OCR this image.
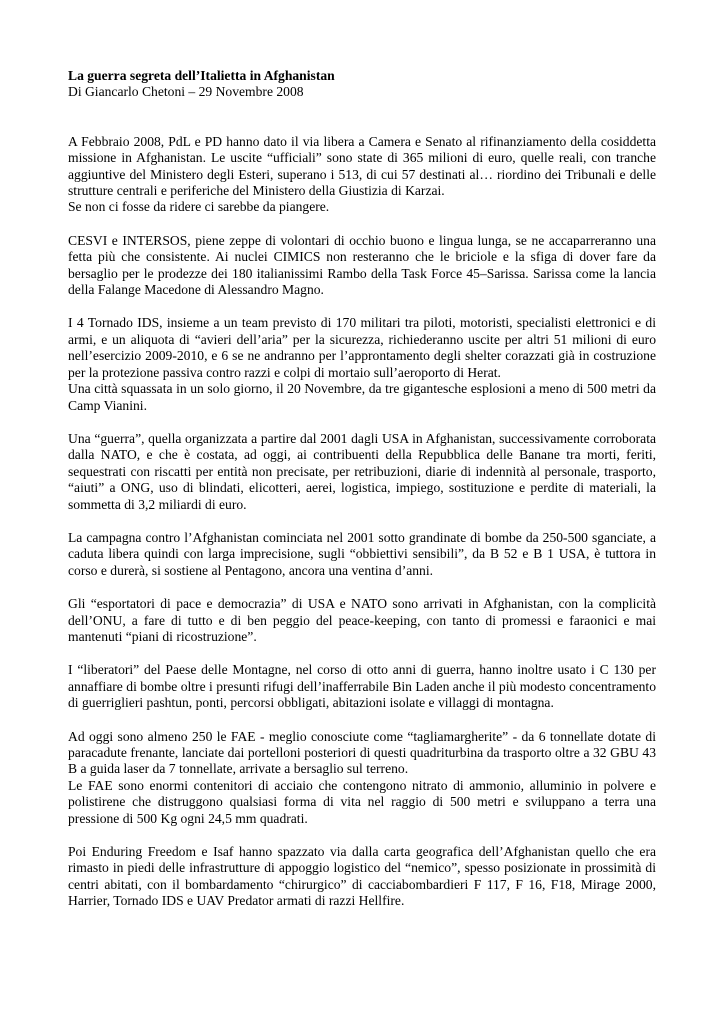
La guerra segreta dell’Italietta in Afghanistan

Di Giancarlo Chetoni – 29 Novembre 2008

A Febbraio 2008, PdL e PD hanno dato il via libera a Camera e Senato al rifinanziamento della cosiddetta missione in Afghanistan. Le uscite “ufficiali” sono state di 365 milioni di euro, quelle reali, con tranche aggiuntive del Ministero degli Esteri, superano i 513, di cui 57 destinati al… riordino dei Tribunali e delle strutture centrali e periferiche del Ministero della Giustizia di Karzai.

Se non ci fosse da ridere ci sarebbe da piangere.

CESVI e INTERSOS, piene zeppe di volontari di occhio buono e lingua lunga, se ne accaparreranno una fetta più che consistente. Ai nuclei CIMICS non resteranno che le briciole e la sfiga di dover fare da bersaglio per le prodezze dei 180 italianissimi Rambo della Task Force 45–Sarissa. Sarissa come la lancia della Falange Macedone di Alessandro Magno.

I 4 Tornado IDS, insieme a un team previsto di 170 militari tra piloti, motoristi, specialisti elettronici e di armi, e un aliquota di “avieri dell’aria” per la sicurezza, richiederanno uscite per altri 51 milioni di euro nell’esercizio 2009-2010, e 6 se ne andranno per l’approntamento degli shelter corazzati già in costruzione per la protezione passiva contro razzi e colpi di mortaio sull’aeroporto di Herat.

Una città squassata in un solo giorno, il 20 Novembre, da tre gigantesche esplosioni a meno di 500 metri da Camp Vianini.

Una “guerra”, quella organizzata a partire dal 2001 dagli USA in Afghanistan, successivamente corroborata dalla NATO, e che è costata, ad oggi, ai contribuenti della Repubblica delle Banane tra morti, feriti, sequestrati con riscatti per entità non precisate, per retribuzioni, diarie di indennità al personale, trasporto, “aiuti” a ONG, uso di blindati, elicotteri, aerei, logistica, impiego, sostituzione e perdite di materiali, la sommetta di 3,2 miliardi di euro.

La campagna contro l’Afghanistan cominciata nel 2001 sotto grandinate di bombe da 250-500 sganciate, a caduta libera quindi con larga imprecisione, sugli “obbiettivi sensibili”, da B 52 e B 1 USA, è tuttora in corso e durerà, si sostiene al Pentagono, ancora una ventina d’anni.

Gli “esportatori di pace e democrazia” di USA e NATO sono arrivati in Afghanistan, con la complicità dell’ONU, a fare di tutto e di ben peggio del peace-keeping, con tanto di promessi e faraonici e mai mantenuti “piani di ricostruzione”.

I “liberatori” del Paese delle Montagne, nel corso di otto anni di guerra, hanno inoltre usato i C 130 per annaffiare di bombe oltre i presunti rifugi dell’inafferrabile Bin Laden anche il più modesto concentramento di guerriglieri pashtun, ponti, percorsi obbligati, abitazioni isolate e villaggi di montagna.

Ad oggi sono almeno 250 le FAE - meglio conosciute come “tagliamargherite” - da 6 tonnellate dotate di paracadute frenante, lanciate dai portelloni posteriori di questi quadriturbina da trasporto oltre a 32 GBU 43 B a guida laser da 7 tonnellate, arrivate a bersaglio sul terreno.

Le FAE sono enormi contenitori di acciaio che contengono nitrato di ammonio, alluminio in polvere e polistirene che distruggono qualsiasi forma di vita nel raggio di 500 metri e sviluppano a terra una pressione di 500 Kg ogni 24,5 mm quadrati.

Poi Enduring Freedom e Isaf hanno spazzato via dalla carta geografica dell’Afghanistan quello che era rimasto in piedi delle infrastrutture di appoggio logistico del “nemico”, spesso posizionate in prossimità di centri abitati, con il bombardamento “chirurgico” di cacciabombardieri F 117, F 16, F18, Mirage 2000, Harrier, Tornado IDS e UAV Predator armati di razzi Hellfire.
